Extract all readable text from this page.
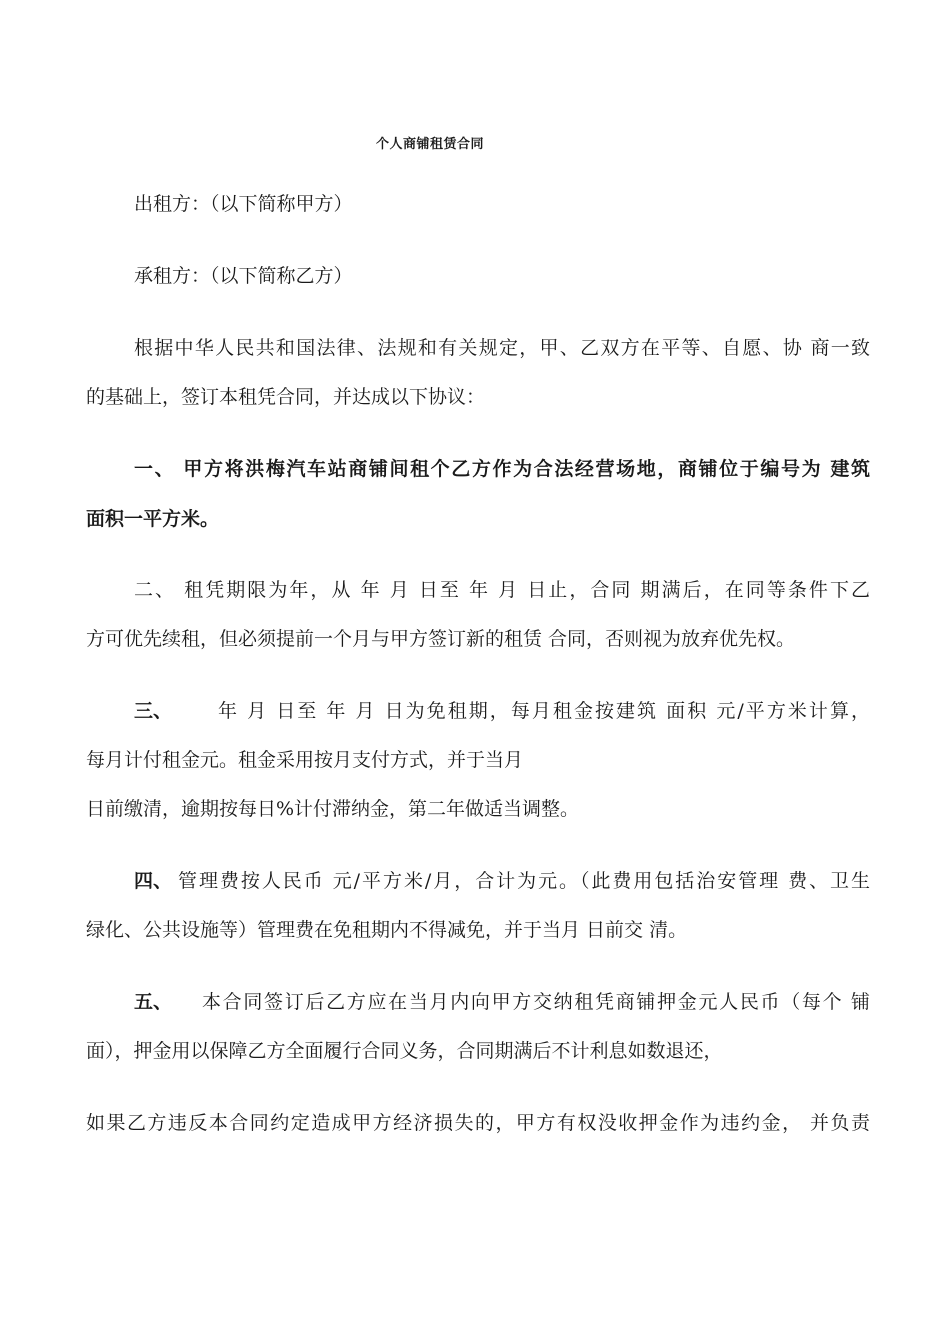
个人商铺租赁合同

出租方：（以下简称甲方）

承租方：（以下简称乙方）

根据中华人民共和国法律、法规和有关规定，甲、乙双方在平等、自愿、协 商一致

的基础上，签订本租凭合同，并达成以下协议：

一、 甲方将洪梅汽车站商铺间租个乙方作为合法经营场地，商铺位于编号为 建筑

面积一平方米。

二、 租凭期限为年，从 年 月 日至 年 月 日止，合同 期满后，在同等条件下乙

方可优先续租，但必须提前一个月与甲方签订新的租赁 合同，否则视为放弃优先权。

三、 年 月 日至 年 月 日为免租期，每月租金按建筑 面积 元/平方米计算，

每月计付租金元。租金采用按月支付方式，并于当月

日前缴清，逾期按每日%计付滞纳金，第二年做适当调整。

四、 管理费按人民币 元/平方米/月，合计为元。（此费用包括治安管理 费、卫生

绿化、公共设施等）管理费在免租期内不得减免，并于当月 日前交 清。

五、 本合同签订后乙方应在当月内向甲方交纳租凭商铺押金元人民币（每个 铺

面），押金用以保障乙方全面履行合同义务，合同期满后不计利息如数退还，

如果乙方违反本合同约定造成甲方经济损失的，甲方有权没收押金作为违约金， 并负责
